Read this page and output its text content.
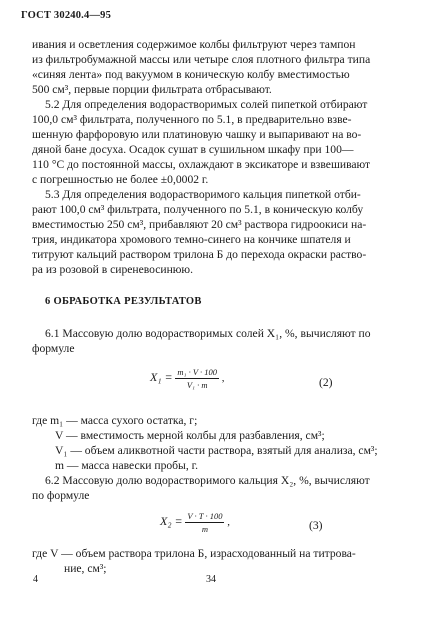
ГОСТ 30240.4—95
ивания и осветления содержимое колбы фильтруют через тампон
из фильтробумажной массы или четыре слоя плотного фильтра типа
«синяя лента» под вакуумом в коническую колбу вместимостью
500 см³, первые порции фильтрата отбрасывают.
5.2 Для определения водорастворимых солей пипеткой отбирают
100,0 см³ фильтрата, полученного по 5.1, в предварительно взве-
шенную фарфоровую или платиновую чашку и выпаривают на во-
дяной бане досуха. Осадок сушат в сушильном шкафу при 100—
110 °С до постоянной массы, охлаждают в эксикаторе и взвешивают
с погрешностью не более ±0,0002 г.
5.3 Для определения водорастворимого кальция пипеткой отби-
рают 100,0 см³ фильтрата, полученного по 5.1, в коническую колбу
вместимостью 250 см³, прибавляют 20 см³ раствора гидроокиси на-
трия, индикатора хромового темно-синего на кончике шпателя и
титруют кальций раствором трилона Б до перехода окраски раство-
ра из розовой в сиреневосинюю.
6 ОБРАБОТКА РЕЗУЛЬТАТОВ
6.1 Массовую долю водорастворимых солей X₁, %, вычисляют по
формуле
$X_1 = \frac{\text{m₁ · V · 100}}{\text{V₁ · m}}$ ,	(2)
где m₁ — масса сухого остатка, г;
V — вместимость мерной колбы для разбавления, см³;
V₁ — объем аликвотной части раствора, взятый для анализа, см³;
m — масса навески пробы, г.
6.2 Массовую долю водорастворимого кальция X₂, %, вычисляют
по формуле
$X_2 = \frac{V \cdot T \cdot 100}{m}$ ,	(3)
где V — объем раствора трилона Б, израсходованный на титрова-
ние, см³;
4	34
